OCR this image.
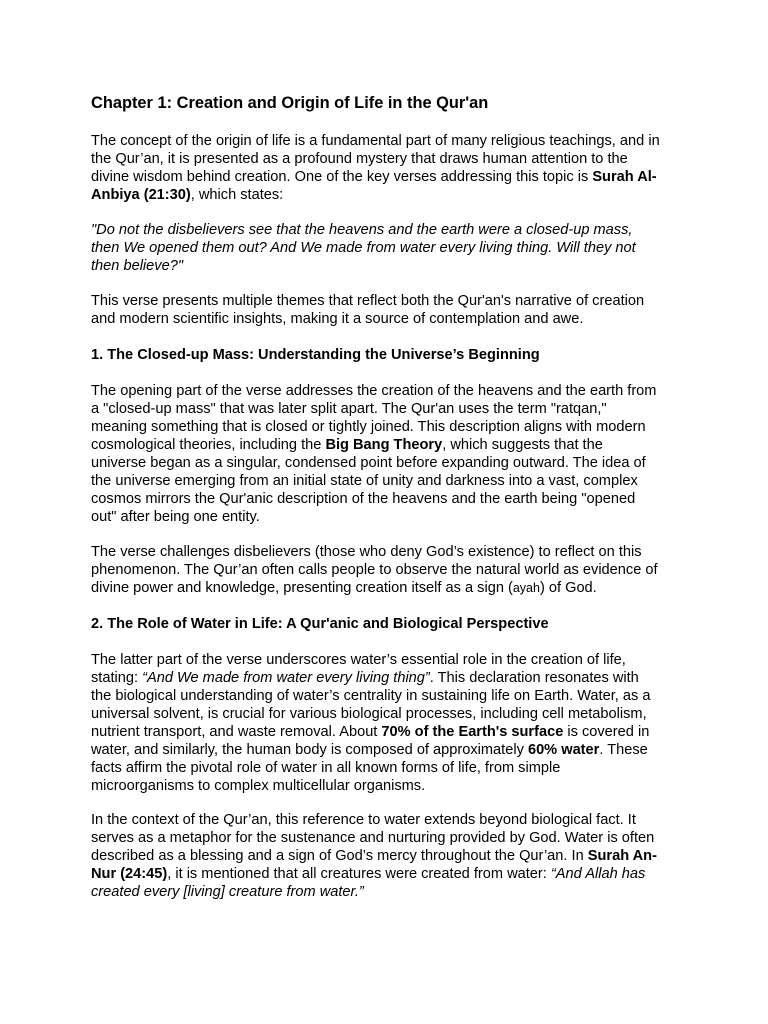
Chapter 1: Creation and Origin of Life in the Qur'an

The concept of the origin of life is a fundamental part of many religious teachings, and in
the Qur’an, it is presented as a profound mystery that draws human attention to the
divine wisdom behind creation. One of the key verses addressing this topic is Surah Al-
Anbiya (21:30), which states:

"Do not the disbelievers see that the heavens and the earth were a closed-up mass,
then We opened them out? And We made from water every living thing. Will they not
then believe?"

This verse presents multiple themes that reflect both the Qur'an's narrative of creation
and modern scientific insights, making it a source of contemplation and awe.

1. The Closed-up Mass: Understanding the Universe’s Beginning

The opening part of the verse addresses the creation of the heavens and the earth from
a "closed-up mass" that was later split apart. The Qur'an uses the term "ratqan,"
meaning something that is closed or tightly joined. This description aligns with modern
cosmological theories, including the Big Bang Theory, which suggests that the
universe began as a singular, condensed point before expanding outward. The idea of
the universe emerging from an initial state of unity and darkness into a vast, complex
cosmos mirrors the Qur'anic description of the heavens and the earth being "opened
out" after being one entity.

The verse challenges disbelievers (those who deny God’s existence) to reflect on this
phenomenon. The Qur’an often calls people to observe the natural world as evidence of
divine power and knowledge, presenting creation itself as a sign (ayah) of God.

2. The Role of Water in Life: A Qur'anic and Biological Perspective

The latter part of the verse underscores water’s essential role in the creation of life,
stating: “And We made from water every living thing”. This declaration resonates with
the biological understanding of water’s centrality in sustaining life on Earth. Water, as a
universal solvent, is crucial for various biological processes, including cell metabolism,
nutrient transport, and waste removal. About 70% of the Earth's surface is covered in
water, and similarly, the human body is composed of approximately 60% water. These
facts affirm the pivotal role of water in all known forms of life, from simple
microorganisms to complex multicellular organisms.

In the context of the Qur’an, this reference to water extends beyond biological fact. It
serves as a metaphor for the sustenance and nurturing provided by God. Water is often
described as a blessing and a sign of God’s mercy throughout the Qur’an. In Surah An-
Nur (24:45), it is mentioned that all creatures were created from water: “And Allah has
created every [living] creature from water.”
